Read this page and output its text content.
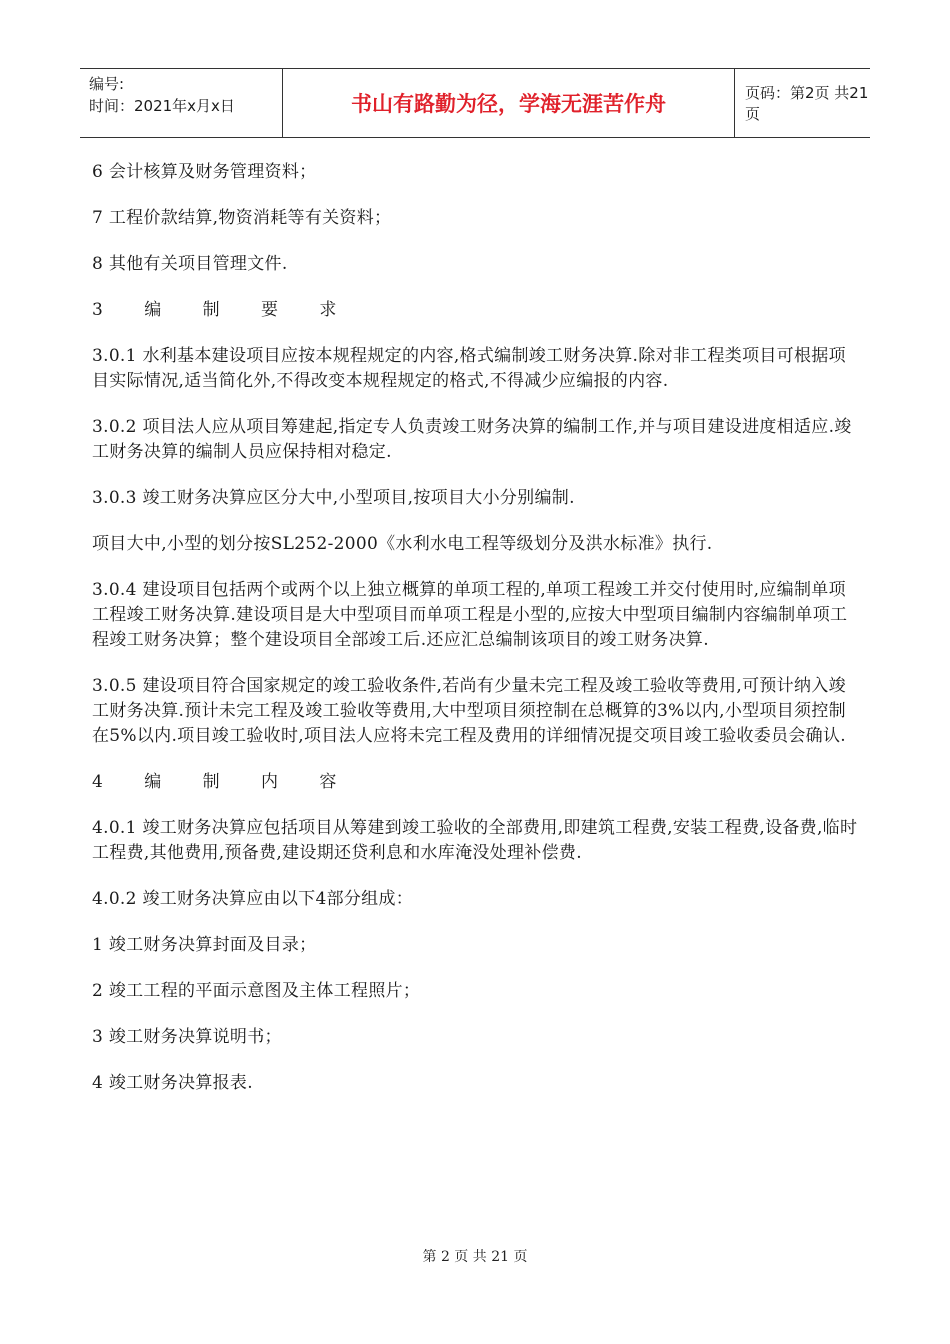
编号:
时间：2021年x月x日	书山有路勤为径，学海无涯苦作舟	页码：第2页 共21页

6 会计核算及财务管理资料；

7 工程价款结算,物资消耗等有关资料；

8 其他有关项目管理文件.

3 编 制 要 求

3.0.1 水利基本建设项目应按本规程规定的内容,格式编制竣工财务决算.除对非工程类项目可根据项目实际情况,适当简化外,不得改变本规程规定的格式,不得减少应编报的内容.

3.0.2 项目法人应从项目筹建起,指定专人负责竣工财务决算的编制工作,并与项目建设进度相适应.竣工财务决算的编制人员应保持相对稳定.

3.0.3 竣工财务决算应区分大中,小型项目,按项目大小分别编制.

项目大中,小型的划分按SL252-2000《水利水电工程等级划分及洪水标准》执行.

3.0.4 建设项目包括两个或两个以上独立概算的单项工程的,单项工程竣工并交付使用时,应编制单项工程竣工财务决算.建设项目是大中型项目而单项工程是小型的,应按大中型项目编制内容编制单项工程竣工财务决算；整个建设项目全部竣工后.还应汇总编制该项目的竣工财务决算.

3.0.5 建设项目符合国家规定的竣工验收条件,若尚有少量未完工程及竣工验收等费用,可预计纳入竣工财务决算.预计未完工程及竣工验收等费用,大中型项目须控制在总概算的3%以内,小型项目须控制在5%以内.项目竣工验收时,项目法人应将未完工程及费用的详细情况提交项目竣工验收委员会确认.

4 编 制 内 容

4.0.1 竣工财务决算应包括项目从筹建到竣工验收的全部费用,即建筑工程费,安装工程费,设备费,临时工程费,其他费用,预备费,建设期还贷利息和水库淹没处理补偿费.

4.0.2 竣工财务决算应由以下4部分组成：

1 竣工财务决算封面及目录；

2 竣工工程的平面示意图及主体工程照片；

3 竣工财务决算说明书；

4 竣工财务决算报表.

第 2 页 共 21 页
